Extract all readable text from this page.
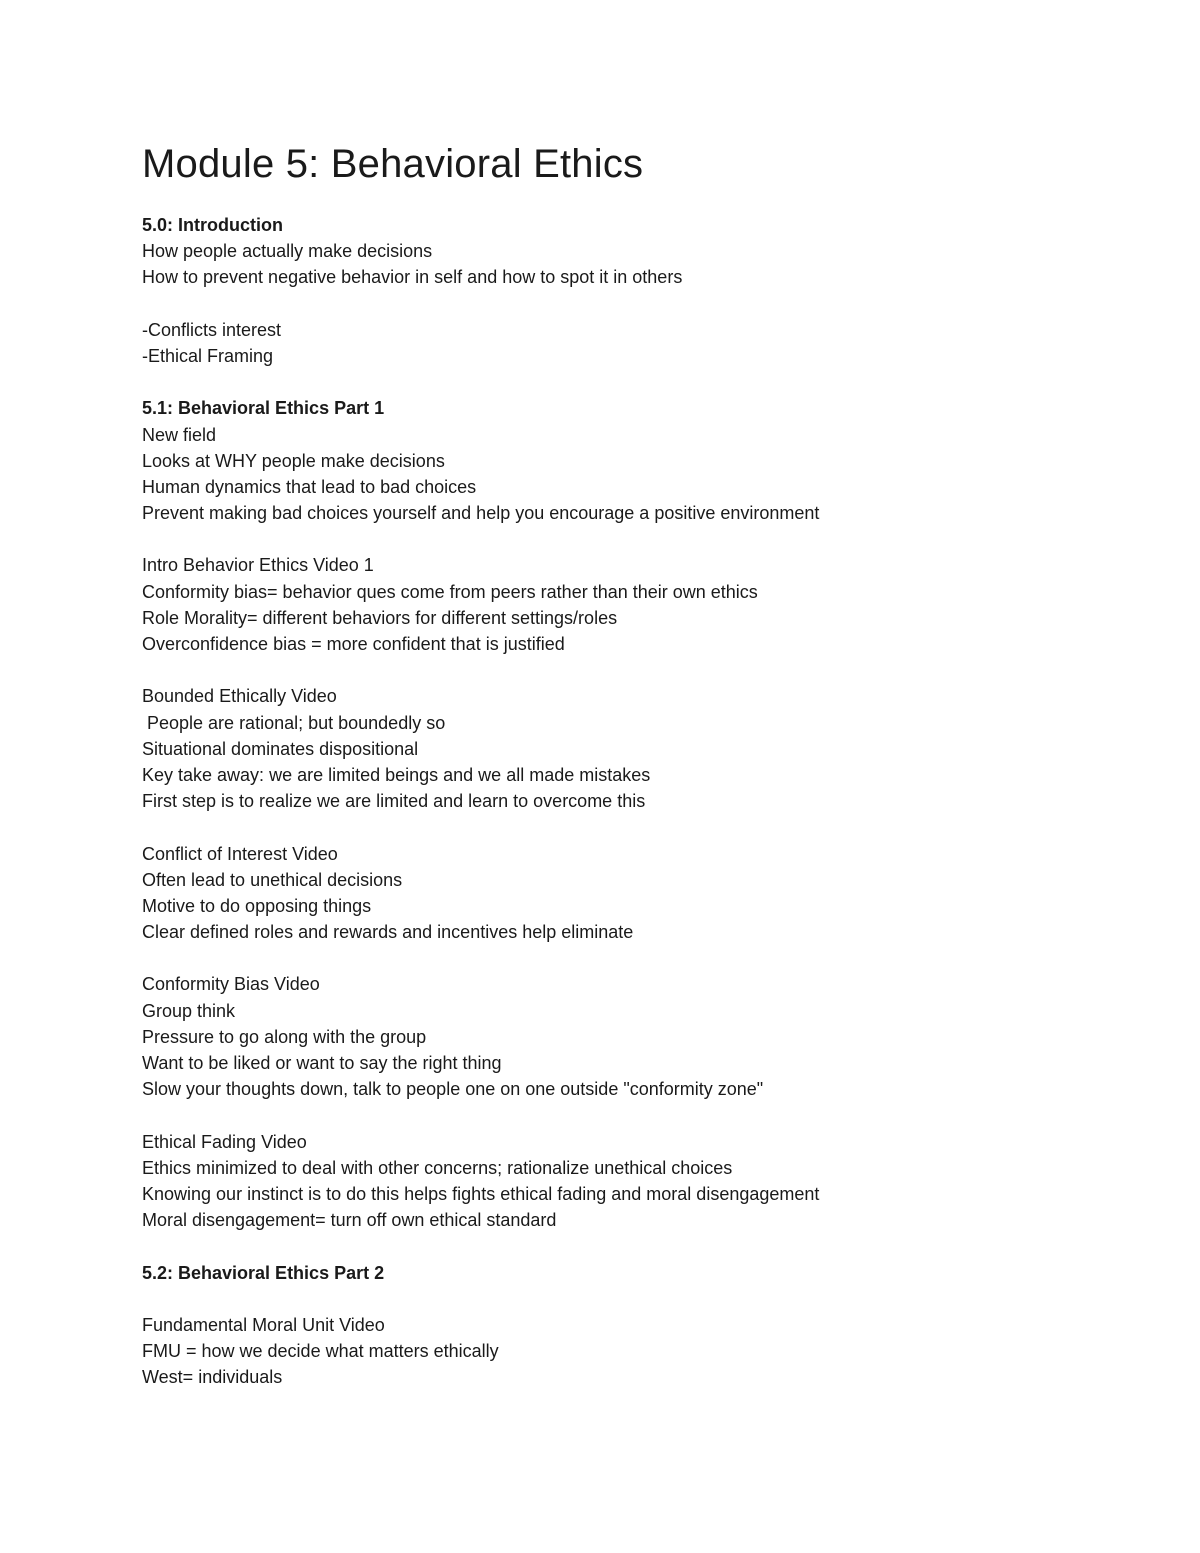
Module 5: Behavioral Ethics
5.0: Introduction
How people actually make decisions
How to prevent negative behavior in self and how to spot it in others
-Conflicts interest
-Ethical Framing
5.1: Behavioral Ethics Part 1
New field
Looks at WHY people make decisions
Human dynamics that lead to bad choices
Prevent making bad choices yourself and help you encourage a positive environment
Intro Behavior Ethics Video 1
Conformity bias= behavior ques come from peers rather than their own ethics
Role Morality= different behaviors for different settings/roles
Overconfidence bias = more confident that is justified
Bounded Ethically Video
People are rational; but boundedly so
Situational dominates dispositional
Key take away: we are limited beings and we all made mistakes
First step is to realize we are limited and learn to overcome this
Conflict of Interest Video
Often lead to unethical decisions
Motive to do opposing things
Clear defined roles and rewards and incentives help eliminate
Conformity Bias Video
Group think
Pressure to go along with the group
Want to be liked or want to say the right thing
Slow your thoughts down, talk to people one on one outside "conformity zone"
Ethical Fading Video
Ethics minimized to deal with other concerns; rationalize unethical choices
Knowing our instinct is to do this helps fights ethical fading and moral disengagement
Moral disengagement= turn off own ethical standard
5.2: Behavioral Ethics Part 2
Fundamental Moral Unit Video
FMU = how we decide what matters ethically
West= individuals
